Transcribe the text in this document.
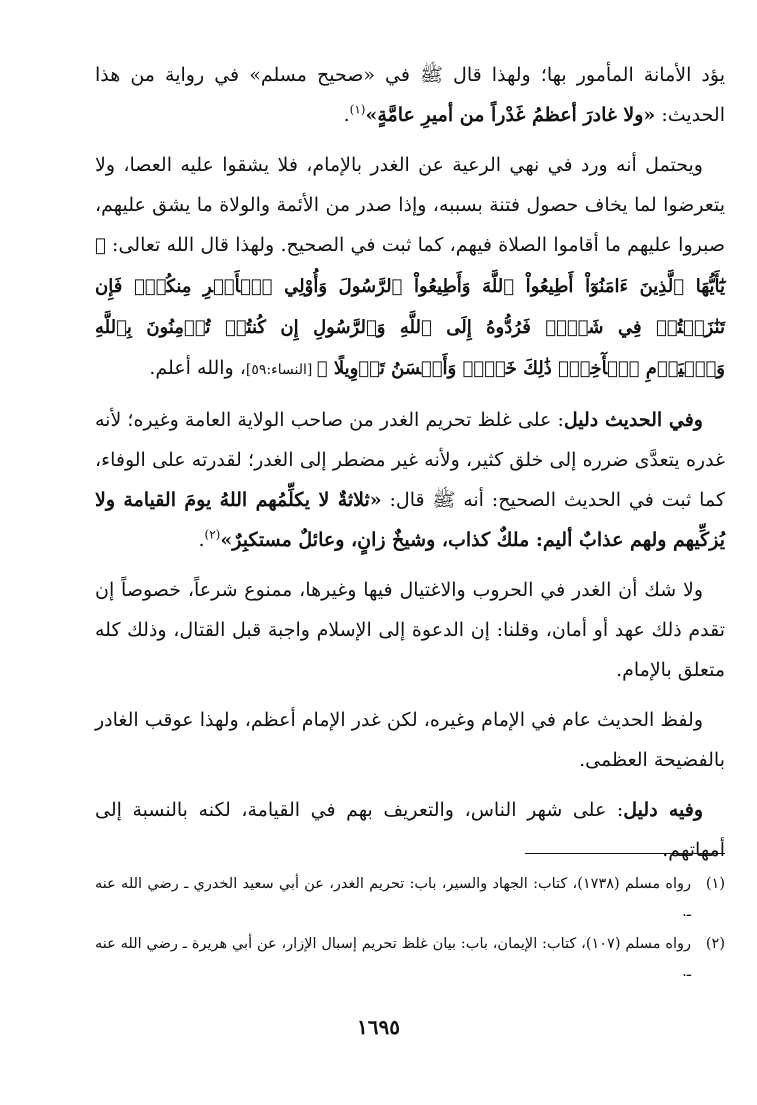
يؤد الأمانة المأمور بها؛ ولهذا قال ﷺ في «صحيح مسلم» في رواية من هذا الحديث: «ولا غادرَ أعظمُ غَدْراً من أميرِ عامَّةٍ»$^{(١)}$.

ويحتمل أنه ورد في نهي الرعية عن الغدر بالإمام، فلا يشقوا عليه العصا، ولا يتعرضوا لما يخاف حصول فتنة بسببه، وإذا صدر من الأئمة والولاة ما يشق عليهم، صبروا عليهم ما أقاموا الصلاة فيهم، كما ثبت في الصحيح. ولهذا قال الله تعالى: ﴿ يَٰٓأَيُّهَا ٱلَّذِينَ ءَامَنُوٓاْ أَطِيعُواْ ٱللَّهَ وَأَطِيعُواْ ٱلرَّسُولَ وَأُوْلِي ٱلۡأَمۡرِ مِنكُمۡۖ فَإِن تَنَٰزَعۡتُمۡ فِي شَيۡءٖ فَرُدُّوهُ إِلَى ٱللَّهِ وَٱلرَّسُولِ إِن كُنتُمۡ تُؤۡمِنُونَ بِٱللَّهِ وَٱلۡيَوۡمِ ٱلۡأٓخِرِۚ ذَٰلِكَ خَيۡرٞ وَأَحۡسَنُ تَأۡوِيلًا ﴾ [النساء:٥٩]، والله أعلم.

وفي الحديث دليل: على غلظ تحريم الغدر من صاحب الولاية العامة وغيره؛ لأنه غدره يتعدَّى ضرره إلى خلق كثير، ولأنه غير مضطر إلى الغدر؛ لقدرته على الوفاء، كما ثبت في الحديث الصحيح: أنه ﷺ قال: «ثلاثةٌ لا يكلِّمُهم اللهُ يومَ القيامة ولا يُزكِّيهم ولهم عذابٌ أليم: ملكٌ كذاب، وشيخٌ زانٍ، وعائلٌ مستكبِرٌ»$^{(٢)}$.

ولا شك أن الغدر في الحروب والاغتيال فيها وغيرها، ممنوع شرعاً، خصوصاً إن تقدم ذلك عهد أو أمان، وقلنا: إن الدعوة إلى الإسلام واجبة قبل القتال، وذلك كله متعلق بالإمام.

ولفظ الحديث عام في الإمام وغيره، لكن غدر الإمام أعظم، ولهذا عوقب الغادر بالفضيحة العظمى.

وفيه دليل: على شهر الناس، والتعريف بهم في القيامة، لكنه بالنسبة إلى أمهاتهم.

(١)
رواه مسلم (١٧٣٨)، كتاب: الجهاد والسير، باب: تحريم الغدر، عن أبي سعيد الخدري ـ رضي الله عنه ـ.
(٢)
رواه مسلم (١٠٧)، كتاب: الإيمان، باب: بيان غلظ تحريم إسبال الإزار، عن أبي هريرة ـ رضي الله عنه ـ.
١٦٩٥
